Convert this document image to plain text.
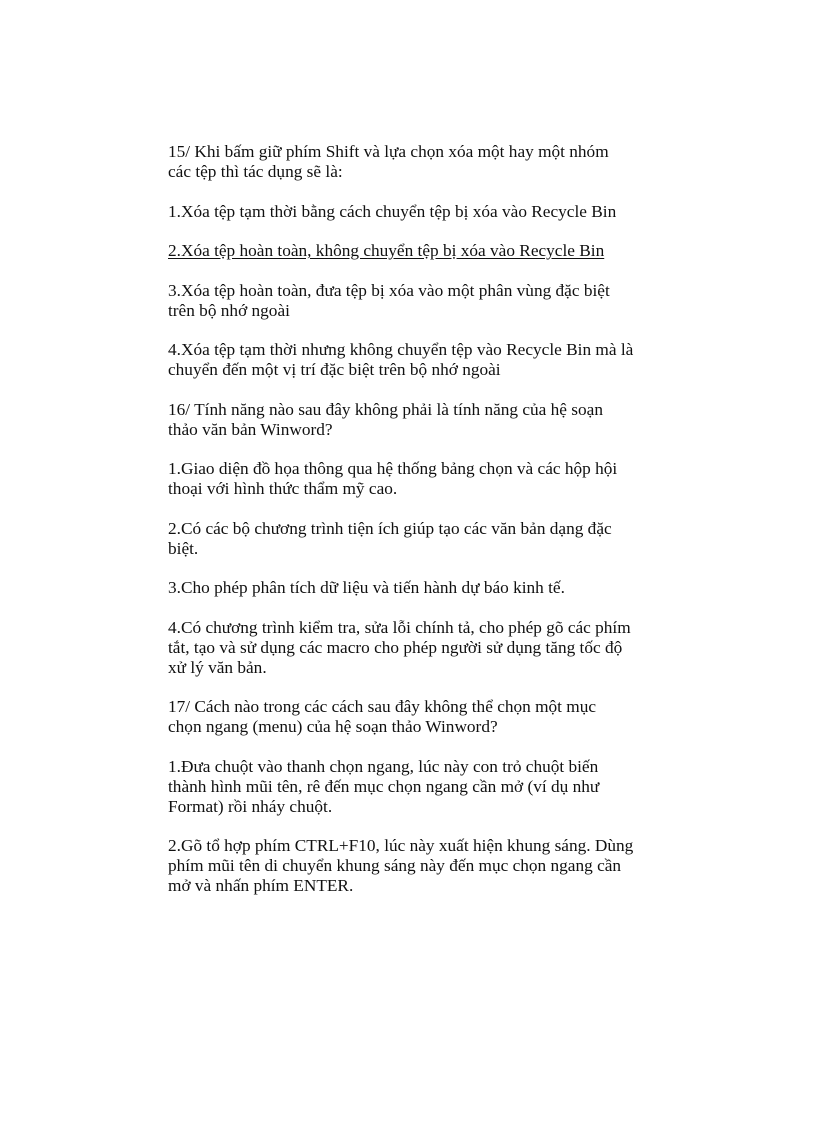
15/ Khi bấm giữ phím Shift và lựa chọn xóa một hay một nhóm
các tệp thì tác dụng sẽ là:
1.Xóa tệp tạm thời bằng cách chuyển tệp bị xóa vào Recycle Bin
2.Xóa tệp hoàn toàn, không chuyển tệp bị xóa vào Recycle Bin
3.Xóa tệp hoàn toàn, đưa tệp bị xóa vào một phân vùng đặc biệt
trên bộ nhớ ngoài
4.Xóa tệp tạm thời nhưng không chuyển tệp vào Recycle Bin mà là
chuyển đến một vị trí đặc biệt trên bộ nhớ ngoài
16/ Tính năng nào sau đây không phải là tính năng của hệ soạn
thảo văn bản Winword?
1.Giao diện đồ họa thông qua hệ thống bảng chọn và các hộp hội
thoại với hình thức thẩm mỹ cao.
2.Có các bộ chương trình tiện ích giúp tạo các văn bản dạng đặc
biệt.
3.Cho phép phân tích dữ liệu và tiến hành dự báo kinh tế.
4.Có chương trình kiểm tra, sửa lỗi chính tả, cho phép gõ các phím
tắt, tạo và sử dụng các macro cho phép người sử dụng tăng tốc độ
xử lý văn bản.
17/ Cách nào trong các cách sau đây không thể chọn một mục
chọn ngang (menu) của hệ soạn thảo Winword?
1.Đưa chuột vào thanh chọn ngang, lúc này con trỏ chuột biến
thành hình mũi tên, rê đến mục chọn ngang cần mở (ví dụ như
Format) rồi nháy chuột.
2.Gõ tổ hợp phím CTRL+F10, lúc này xuất hiện khung sáng. Dùng
phím mũi tên di chuyển khung sáng này đến mục chọn ngang cần
mở và nhấn phím ENTER.
